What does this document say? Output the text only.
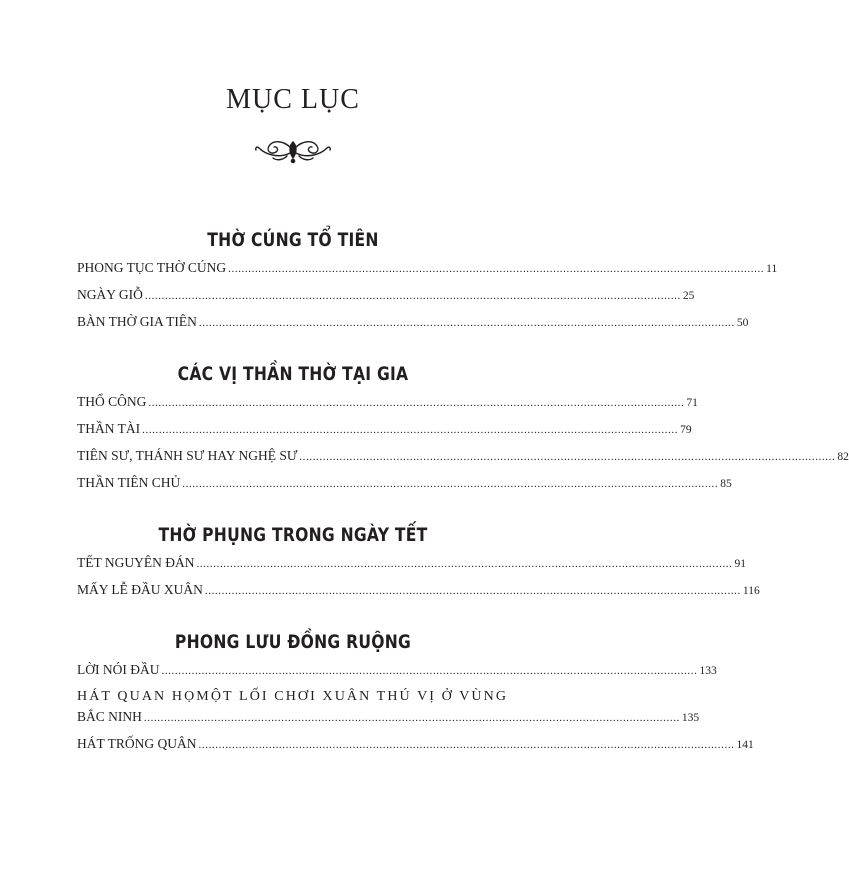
MỤC LỤC
THỜ CÚNG TỔ TIÊN
PHONG TỤC THỜ CÚNG ................................................................................................................................................................ 11
NGÀY GIỖ ................................................................................................................................................................ 25
BÀN THỜ GIA TIÊN ................................................................................................................................................................ 50
CÁC VỊ THẦN THỜ TẠI GIA
THỔ CÔNG ................................................................................................................................................................ 71
THẦN TÀI ................................................................................................................................................................ 79
TIÊN SƯ, THÁNH SƯ HAY NGHỆ SƯ ................................................................................................................................................................ 82
THẦN TIÊN CHỦ ................................................................................................................................................................ 85
THỜ PHỤNG TRONG NGÀY TẾT
TẾT NGUYÊN ĐÁN ................................................................................................................................................................ 91
MẤY LỄ ĐẦU XUÂN ................................................................................................................................................................ 116
PHONG LƯU ĐỒNG RUỘNG
LỜI NÓI ĐẦU ................................................................................................................................................................ 133
HÁT QUAN HỌMỘT LỐI CHƠI XUÂN THÚ VỊ Ở VÙNG
BẮC NINH ................................................................................................................................................................ 135
HÁT TRỐNG QUÂN ................................................................................................................................................................ 141
